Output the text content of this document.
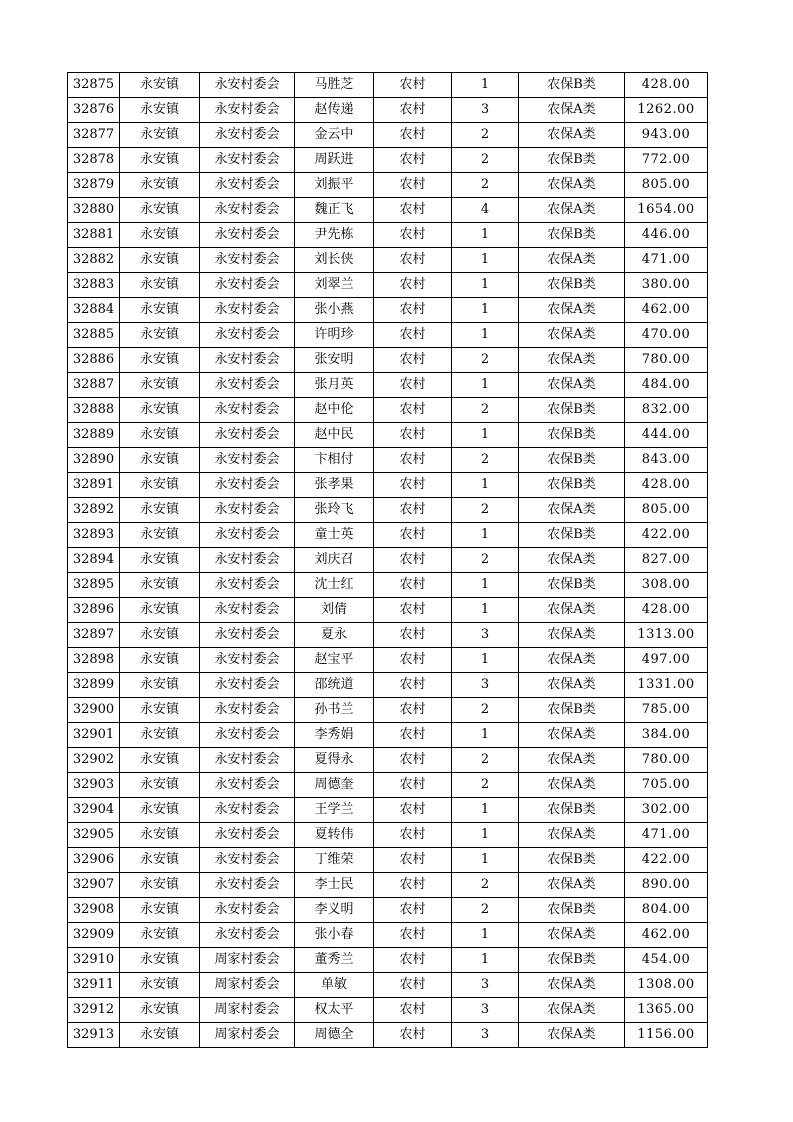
32875	永安镇	永安村委会	马胜芝	农村	1	农保B类	428.00
32876	永安镇	永安村委会	赵传递	农村	3	农保A类	1262.00
32877	永安镇	永安村委会	金云中	农村	2	农保A类	943.00
32878	永安镇	永安村委会	周跃进	农村	2	农保B类	772.00
32879	永安镇	永安村委会	刘振平	农村	2	农保A类	805.00
32880	永安镇	永安村委会	魏正飞	农村	4	农保A类	1654.00
32881	永安镇	永安村委会	尹先栋	农村	1	农保B类	446.00
32882	永安镇	永安村委会	刘长侠	农村	1	农保A类	471.00
32883	永安镇	永安村委会	刘翠兰	农村	1	农保B类	380.00
32884	永安镇	永安村委会	张小燕	农村	1	农保A类	462.00
32885	永安镇	永安村委会	许明珍	农村	1	农保A类	470.00
32886	永安镇	永安村委会	张安明	农村	2	农保A类	780.00
32887	永安镇	永安村委会	张月英	农村	1	农保A类	484.00
32888	永安镇	永安村委会	赵中伦	农村	2	农保B类	832.00
32889	永安镇	永安村委会	赵中民	农村	1	农保B类	444.00
32890	永安镇	永安村委会	卞相付	农村	2	农保B类	843.00
32891	永安镇	永安村委会	张孝果	农村	1	农保B类	428.00
32892	永安镇	永安村委会	张玲飞	农村	2	农保A类	805.00
32893	永安镇	永安村委会	童士英	农村	1	农保B类	422.00
32894	永安镇	永安村委会	刘庆召	农村	2	农保A类	827.00
32895	永安镇	永安村委会	沈士红	农村	1	农保B类	308.00
32896	永安镇	永安村委会	刘倩	农村	1	农保A类	428.00
32897	永安镇	永安村委会	夏永	农村	3	农保A类	1313.00
32898	永安镇	永安村委会	赵宝平	农村	1	农保A类	497.00
32899	永安镇	永安村委会	邵统道	农村	3	农保A类	1331.00
32900	永安镇	永安村委会	孙书兰	农村	2	农保B类	785.00
32901	永安镇	永安村委会	李秀娟	农村	1	农保A类	384.00
32902	永安镇	永安村委会	夏得永	农村	2	农保A类	780.00
32903	永安镇	永安村委会	周德奎	农村	2	农保A类	705.00
32904	永安镇	永安村委会	王学兰	农村	1	农保B类	302.00
32905	永安镇	永安村委会	夏转伟	农村	1	农保A类	471.00
32906	永安镇	永安村委会	丁维荣	农村	1	农保B类	422.00
32907	永安镇	永安村委会	李士民	农村	2	农保A类	890.00
32908	永安镇	永安村委会	李义明	农村	2	农保B类	804.00
32909	永安镇	永安村委会	张小春	农村	1	农保A类	462.00
32910	永安镇	周家村委会	董秀兰	农村	1	农保B类	454.00
32911	永安镇	周家村委会	单敏	农村	3	农保A类	1308.00
32912	永安镇	周家村委会	权太平	农村	3	农保A类	1365.00
32913	永安镇	周家村委会	周德全	农村	3	农保A类	1156.00
